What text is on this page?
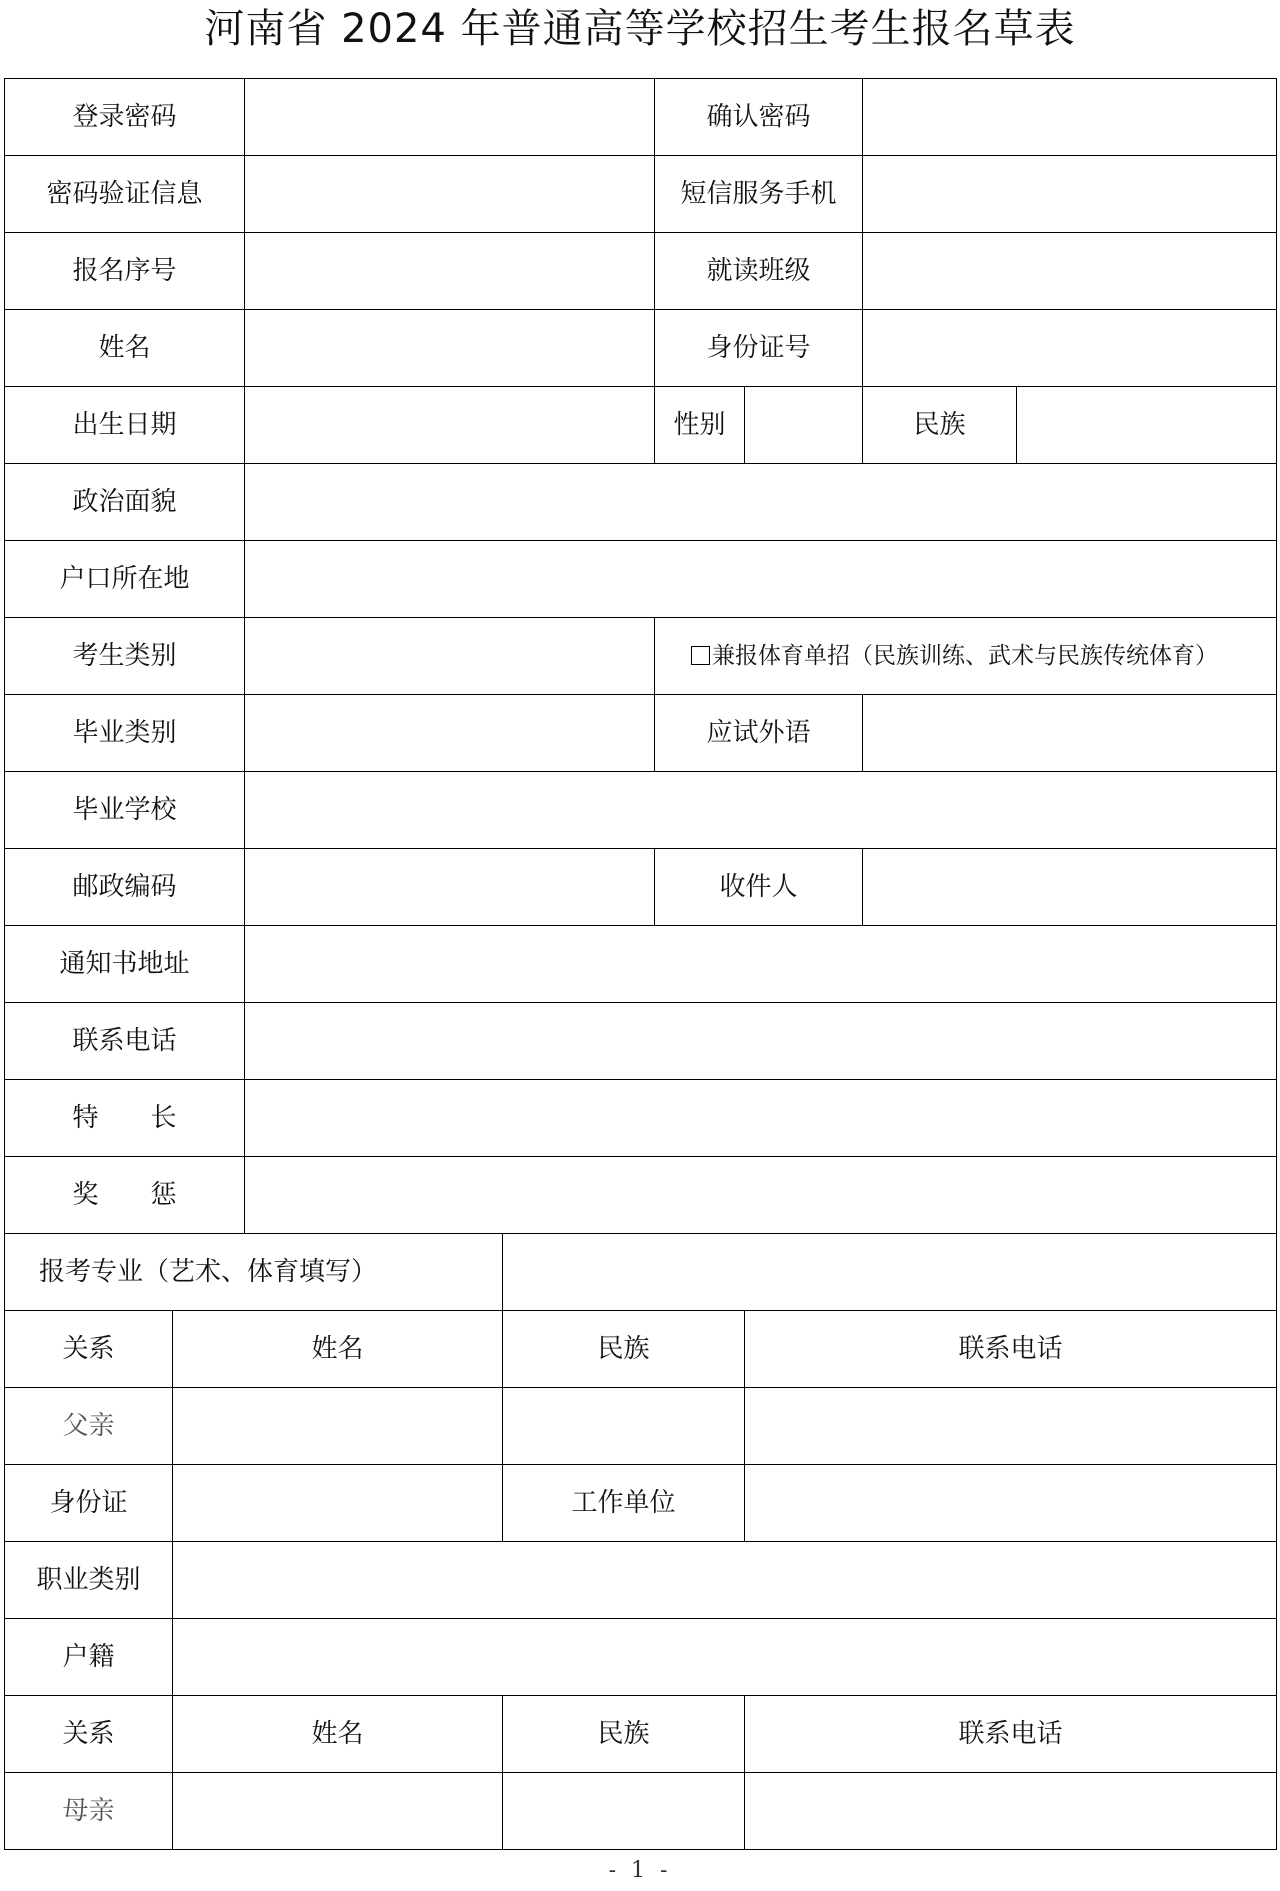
河南省 2024 年普通高等学校招生考生报名草表
登录密码				确认密码			
密码验证信息				短信服务手机			
报名序号				就读班级			
姓名				身份证号			
出生日期				性别		民族	
政治面貌							
户口所在地							
考生类别				兼报体育单招（民族训练、武术与民族传统体育）			
毕业类别				应试外语			
毕业学校							
邮政编码				收件人			
通知书地址							
联系电话							
特　　长							
奖　　惩							
报考专业（艺术、体育填写）							
关系	姓名		民族		联系电话		
父亲							
身份证			工作单位				
职业类别							
户籍							
关系	姓名		民族		联系电话		
母亲							
- 1 -
